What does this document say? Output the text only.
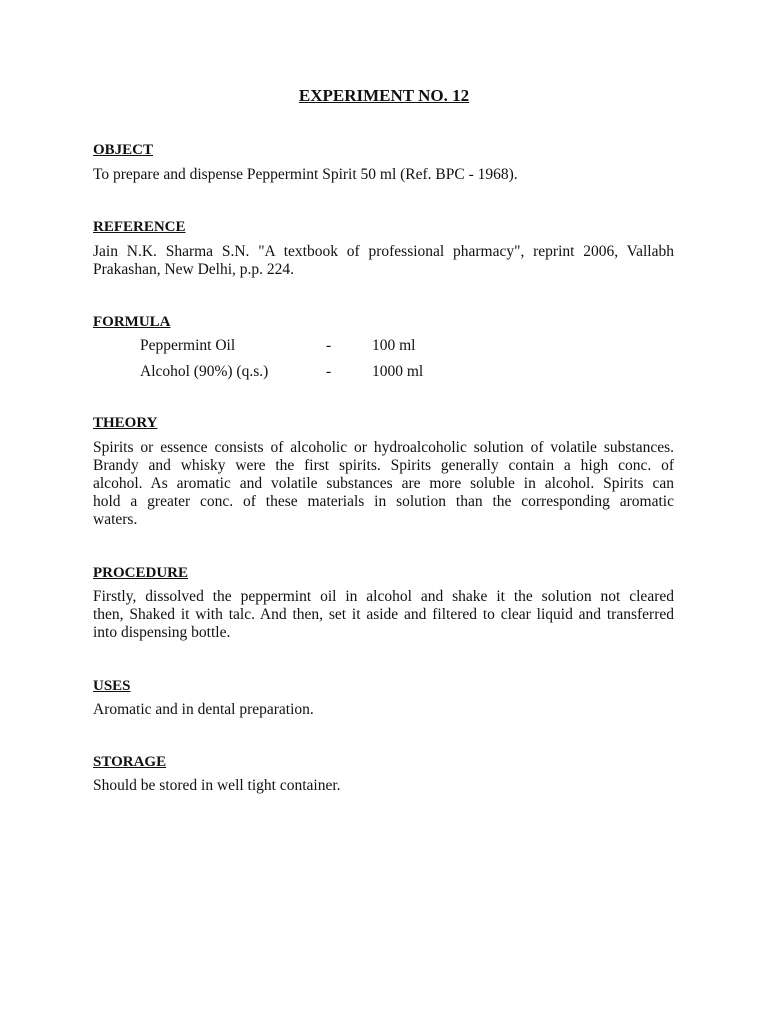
EXPERIMENT NO. 12
OBJECT
To prepare and dispense Peppermint Spirit 50 ml (Ref. BPC - 1968).
REFERENCE
Jain N.K. Sharma S.N. "A textbook of professional pharmacy", reprint 2006, Vallabh
Prakashan, New Delhi, p.p. 224.
FORMULA
Peppermint Oil	-	100 ml
Alcohol (90%) (q.s.)	-	1000 ml
THEORY
Spirits or essence consists of alcoholic or hydroalcoholic solution of volatile substances.
Brandy and whisky were the first spirits. Spirits generally contain a high conc. of
alcohol. As aromatic and volatile substances are more soluble in alcohol. Spirits can
hold a greater conc. of these materials in solution than the corresponding aromatic
waters.
PROCEDURE
Firstly, dissolved the peppermint oil in alcohol and shake it the solution not cleared
then, Shaked it with talc. And then, set it aside and filtered to clear liquid and transferred
into dispensing bottle.
USES
Aromatic and in dental preparation.
STORAGE
Should be stored in well tight container.
